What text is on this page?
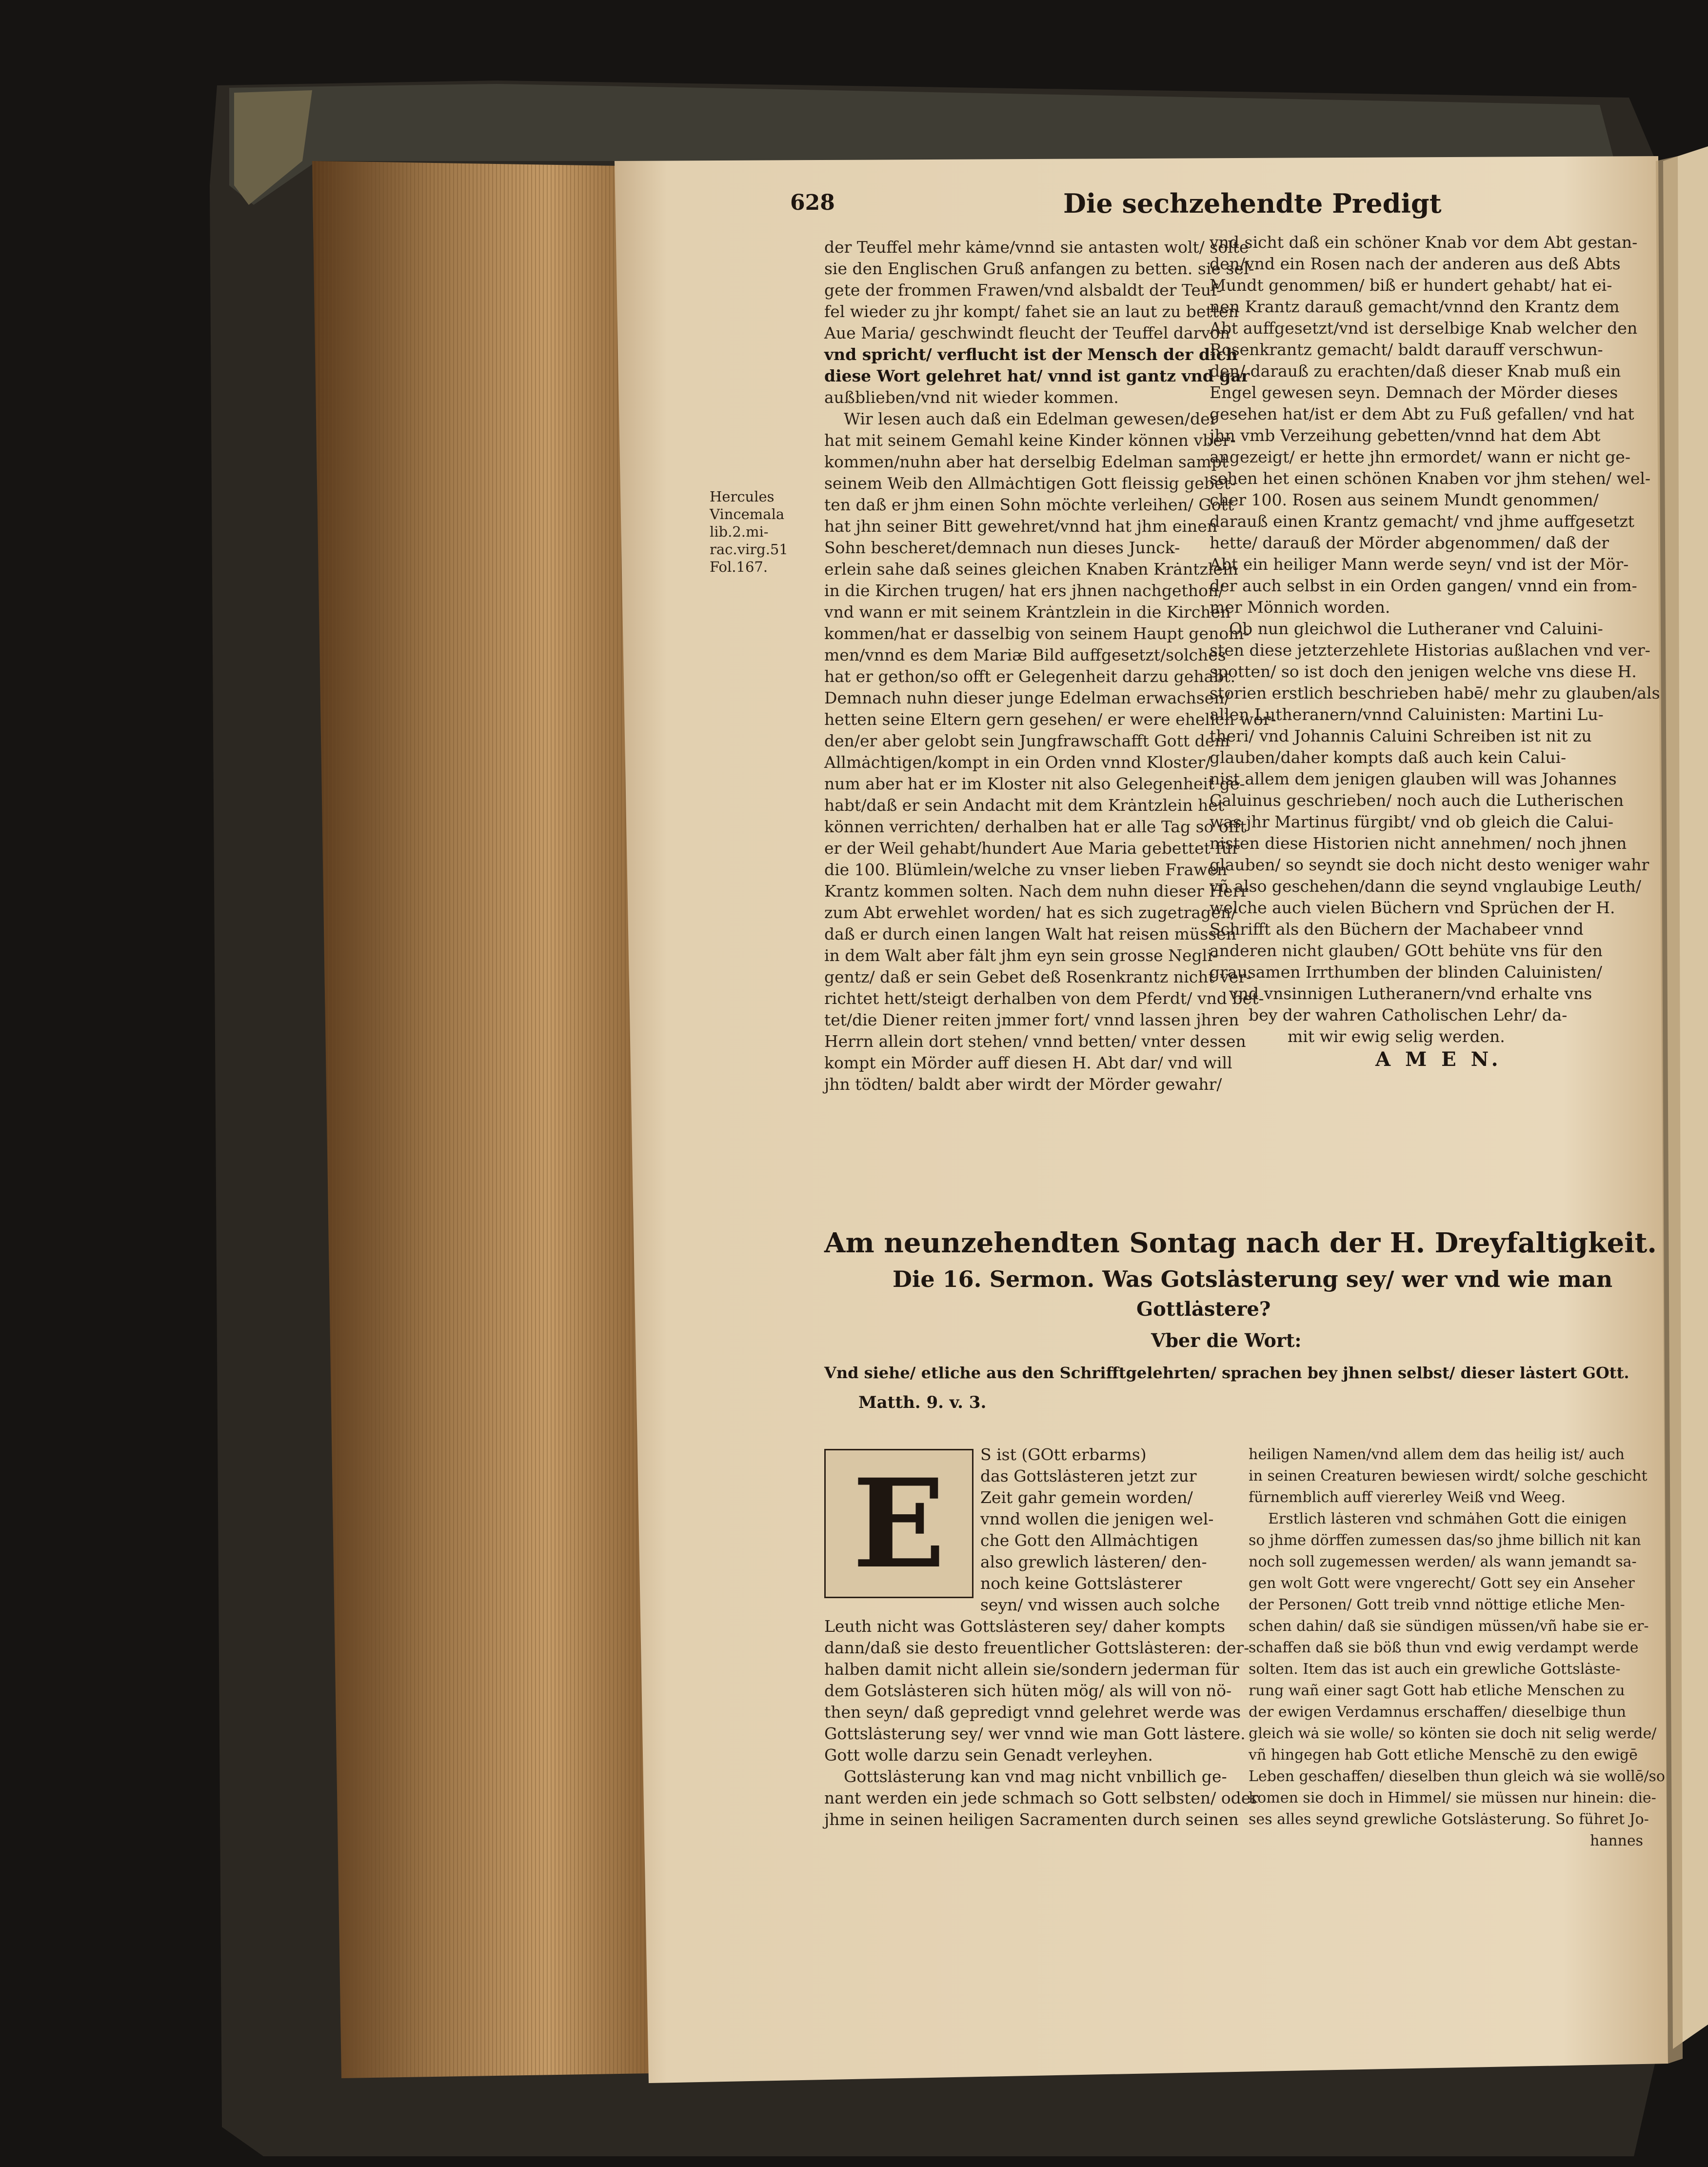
628	Die sechzehendte Predigt
Hercules
Vincemala
lib.2.mi-
rac.virg.51
Fol.167.
der Teuffel mehr kȧme/vnnd sie antasten wolt/ solte
sie den Englischen Gruß anfangen zu betten. sie sel-
gete der frommen Frawen/vnd alsbaldt der Teuf-
fel wieder zu jhr kompt/ fahet sie an laut zu betten
Aue Maria/ geschwindt fleucht der Teuffel darvon
vnd spricht/ verflucht ist der Mensch der dich
diese Wort gelehret hat/ vnnd ist gantz vnd gar
außblieben/vnd nit wieder kommen.
Wir lesen auch daß ein Edelman gewesen/der
hat mit seinem Gemahl keine Kinder können vber-
kommen/nuhn aber hat derselbig Edelman sampt
seinem Weib den Allmȧchtigen Gott fleissig gebet-
ten daß er jhm einen Sohn möchte verleihen/ Gott
hat jhn seiner Bitt gewehret/vnnd hat jhm einen
Sohn bescheret/demnach nun dieses Junck-
erlein sahe daß seines gleichen Knaben Krȧntzlein
in die Kirchen trugen/ hat ers jhnen nachgethon/
vnd wann er mit seinem Krȧntzlein in die Kirchen
kommen/hat er dasselbig von seinem Haupt genom-
men/vnnd es dem Mariæ Bild auffgesetzt/solches
hat er gethon/so offt er Gelegenheit darzu gehabt.
Demnach nuhn dieser junge Edelman erwachsen/
hetten seine Eltern gern gesehen/ er were ehelich wor-
den/er aber gelobt sein Jungfrawschafft Gott dem
Allmȧchtigen/kompt in ein Orden vnnd Kloster/
num aber hat er im Kloster nit also Gelegenheit ge-
habt/daß er sein Andacht mit dem Krȧntzlein het
können verrichten/ derhalben hat er alle Tag so offt
er der Weil gehabt/hundert Aue Maria gebettet für
die 100. Blümlein/welche zu vnser lieben Frawen
Krantz kommen solten. Nach dem nuhn dieser Herr
zum Abt erwehlet worden/ hat es sich zugetragen/
daß er durch einen langen Walt hat reisen müssen
in dem Walt aber fȧlt jhm eyn sein grosse Negli-
gentz/ daß er sein Gebet deß Rosenkrantz nicht ver-
richtet hett/steigt derhalben von dem Pferdt/ vnd bet-
tet/die Diener reiten jmmer fort/ vnnd lassen jhren
Herrn allein dort stehen/ vnnd betten/ vnter dessen
kompt ein Mörder auff diesen H. Abt dar/ vnd will
jhn tödten/ baldt aber wirdt der Mörder gewahr/
vnd sicht daß ein schöner Knab vor dem Abt gestan-
den/vnd ein Rosen nach der anderen aus deß Abts
Mundt genommen/ biß er hundert gehabt/ hat ei-
nen Krantz darauß gemacht/vnnd den Krantz dem
Abt auffgesetzt/vnd ist derselbige Knab welcher den
Rosenkrantz gemacht/ baldt darauff verschwun-
den/ darauß zu erachten/daß dieser Knab muß ein
Engel gewesen seyn. Demnach der Mörder dieses
gesehen hat/ist er dem Abt zu Fuß gefallen/ vnd hat
jhn vmb Verzeihung gebetten/vnnd hat dem Abt
angezeigt/ er hette jhn ermordet/ wann er nicht ge-
sehen het einen schönen Knaben vor jhm stehen/ wel-
cher 100. Rosen aus seinem Mundt genommen/
darauß einen Krantz gemacht/ vnd jhme auffgesetzt
hette/ darauß der Mörder abgenommen/ daß der
Abt ein heiliger Mann werde seyn/ vnd ist der Mör-
der auch selbst in ein Orden gangen/ vnnd ein from-
mer Mönnich worden.
Ob nun gleichwol die Lutheraner vnd Caluini-
sten diese jetzterzehlete Historias außlachen vnd ver-
spotten/ so ist doch den jenigen welche vns diese H.
storien erstlich beschrieben habē/ mehr zu glauben/als
allen Lutheranern/vnnd Caluinisten: Martini Lu-
theri/ vnd Johannis Caluini Schreiben ist nit zu
glauben/daher kompts daß auch kein Calui-
nist allem dem jenigen glauben will was Johannes
Caluinus geschrieben/ noch auch die Lutherischen
was jhr Martinus fürgibt/ vnd ob gleich die Calui-
nisten diese Historien nicht annehmen/ noch jhnen
glauben/ so seyndt sie doch nicht desto weniger wahr
vñ also geschehen/dann die seynd vnglaubige Leuth/
welche auch vielen Büchern vnd Sprüchen der H.
Schrifft als den Büchern der Machabeer vnnd
anderen nicht glauben/ GOtt behüte vns für den
grausamen Irrthumben der blinden Caluinisten/
vnd vnsinnigen Lutheranern/vnd erhalte vns
bey der wahren Catholischen Lehr/ da-
mit wir ewig selig werden.
A M E N.
Am neunzehendten Sontag nach der H. Dreyfaltigkeit.
Die 16. Sermon. Was Gotslȧsterung sey/ wer vnd wie man
Gottlȧstere?
Vber die Wort:
Vnd siehe/ etliche aus den Schrifftgelehrten/ sprachen bey jhnen selbst/ dieser lȧstert GOtt.
Matth. 9. v. 3.
E	S ist (GOtt erbarms)
das Gottslȧsteren jetzt zur
Zeit gahr gemein worden/
vnnd wollen die jenigen wel-
che Gott den Allmȧchtigen
also grewlich lȧsteren/ den-
noch keine Gottslȧsterer
seyn/ vnd wissen auch solche
Leuth nicht was Gottslȧsteren sey/ daher kompts
dann/daß sie desto freuentlicher Gottslȧsteren: der-
halben damit nicht allein sie/sondern jederman für
dem Gotslȧsteren sich hüten mög/ als will von nö-
then seyn/ daß gepredigt vnnd gelehret werde was
Gottslȧsterung sey/ wer vnnd wie man Gott lȧstere.
Gott wolle darzu sein Genadt verleyhen.
Gottslȧsterung kan vnd mag nicht vnbillich ge-
nant werden ein jede schmach so Gott selbsten/ oder
jhme in seinen heiligen Sacramenten durch seinen
heiligen Namen/vnd allem dem das heilig ist/ auch
in seinen Creaturen bewiesen wirdt/ solche geschicht
fürnemblich auff viererley Weiß vnd Weeg.
Erstlich lȧsteren vnd schmȧhen Gott die einigen
so jhme dörffen zumessen das/so jhme billich nit kan
noch soll zugemessen werden/ als wann jemandt sa-
gen wolt Gott were vngerecht/ Gott sey ein Anseher
der Personen/ Gott treib vnnd nöttige etliche Men-
schen dahin/ daß sie sündigen müssen/vñ habe sie er-
schaffen daß sie böß thun vnd ewig verdampt werde
solten. Item das ist auch ein grewliche Gottslȧste-
rung wañ einer sagt Gott hab etliche Menschen zu
der ewigen Verdamnus erschaffen/ dieselbige thun
gleich wȧ sie wolle/ so könten sie doch nit selig werde/
vñ hingegen hab Gott etliche Menschē zu den ewigē
Leben geschaffen/ dieselben thun gleich wȧ sie wollē/so
komen sie doch in Himmel/ sie müssen nur hinein: die-
ses alles seynd grewliche Gotslȧsterung. So führet Jo-
hannes
